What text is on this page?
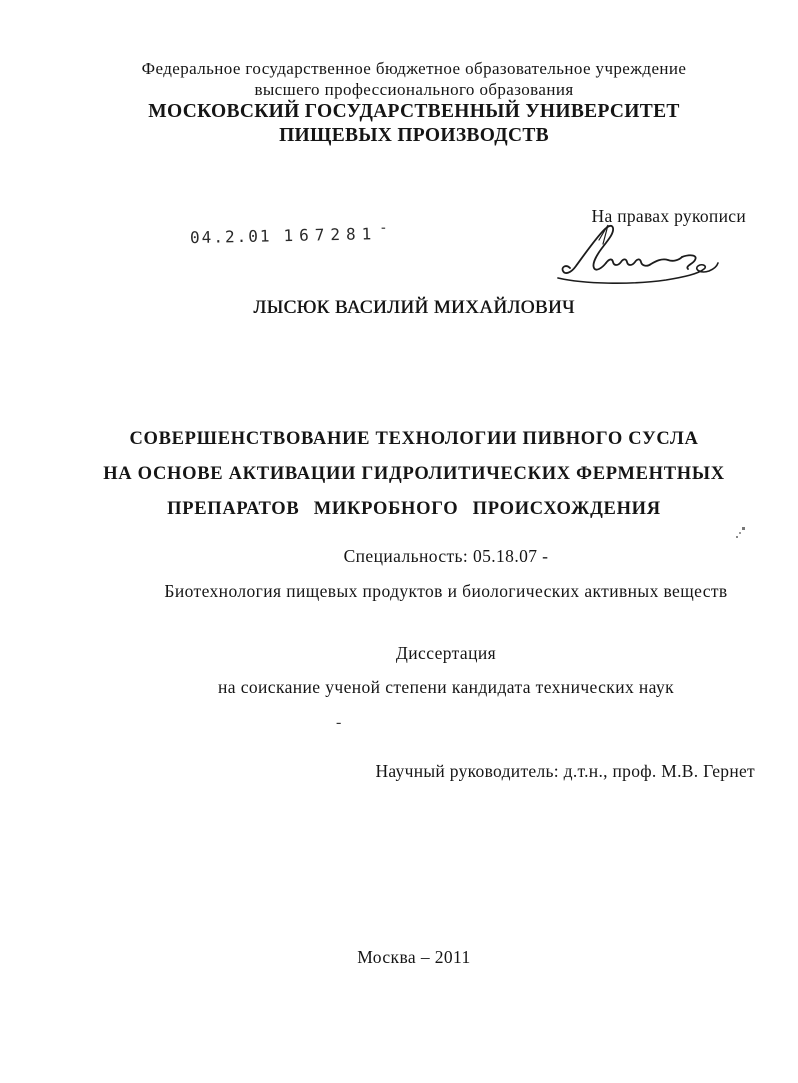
Федеральное государственное бюджетное образовательное учреждение
высшего профессионального образования
МОСКОВСКИЙ ГОСУДАРСТВЕННЫЙ УНИВЕРСИТЕТ
ПИЩЕВЫХ ПРОИЗВОДСТВ
04.2.01 167281 -
На правах рукописи
ЛЫСЮК ВАСИЛИЙ МИХАЙЛОВИЧ
СОВЕРШЕНСТВОВАНИЕ ТЕХНОЛОГИИ ПИВНОГО СУСЛА
НА ОСНОВЕ АКТИВАЦИИ ГИДРОЛИТИЧЕСКИХ ФЕРМЕНТНЫХ
ПРЕПАРАТОВ МИКРОБНОГО ПРОИСХОЖДЕНИЯ
Специальность: 05.18.07 -
Биотехнология пищевых продуктов и биологических активных веществ
Диссертация
на соискание ученой степени кандидата технических наук
-
Научный руководитель: д.т.н., проф. М.В. Гернет
Москва – 2011
